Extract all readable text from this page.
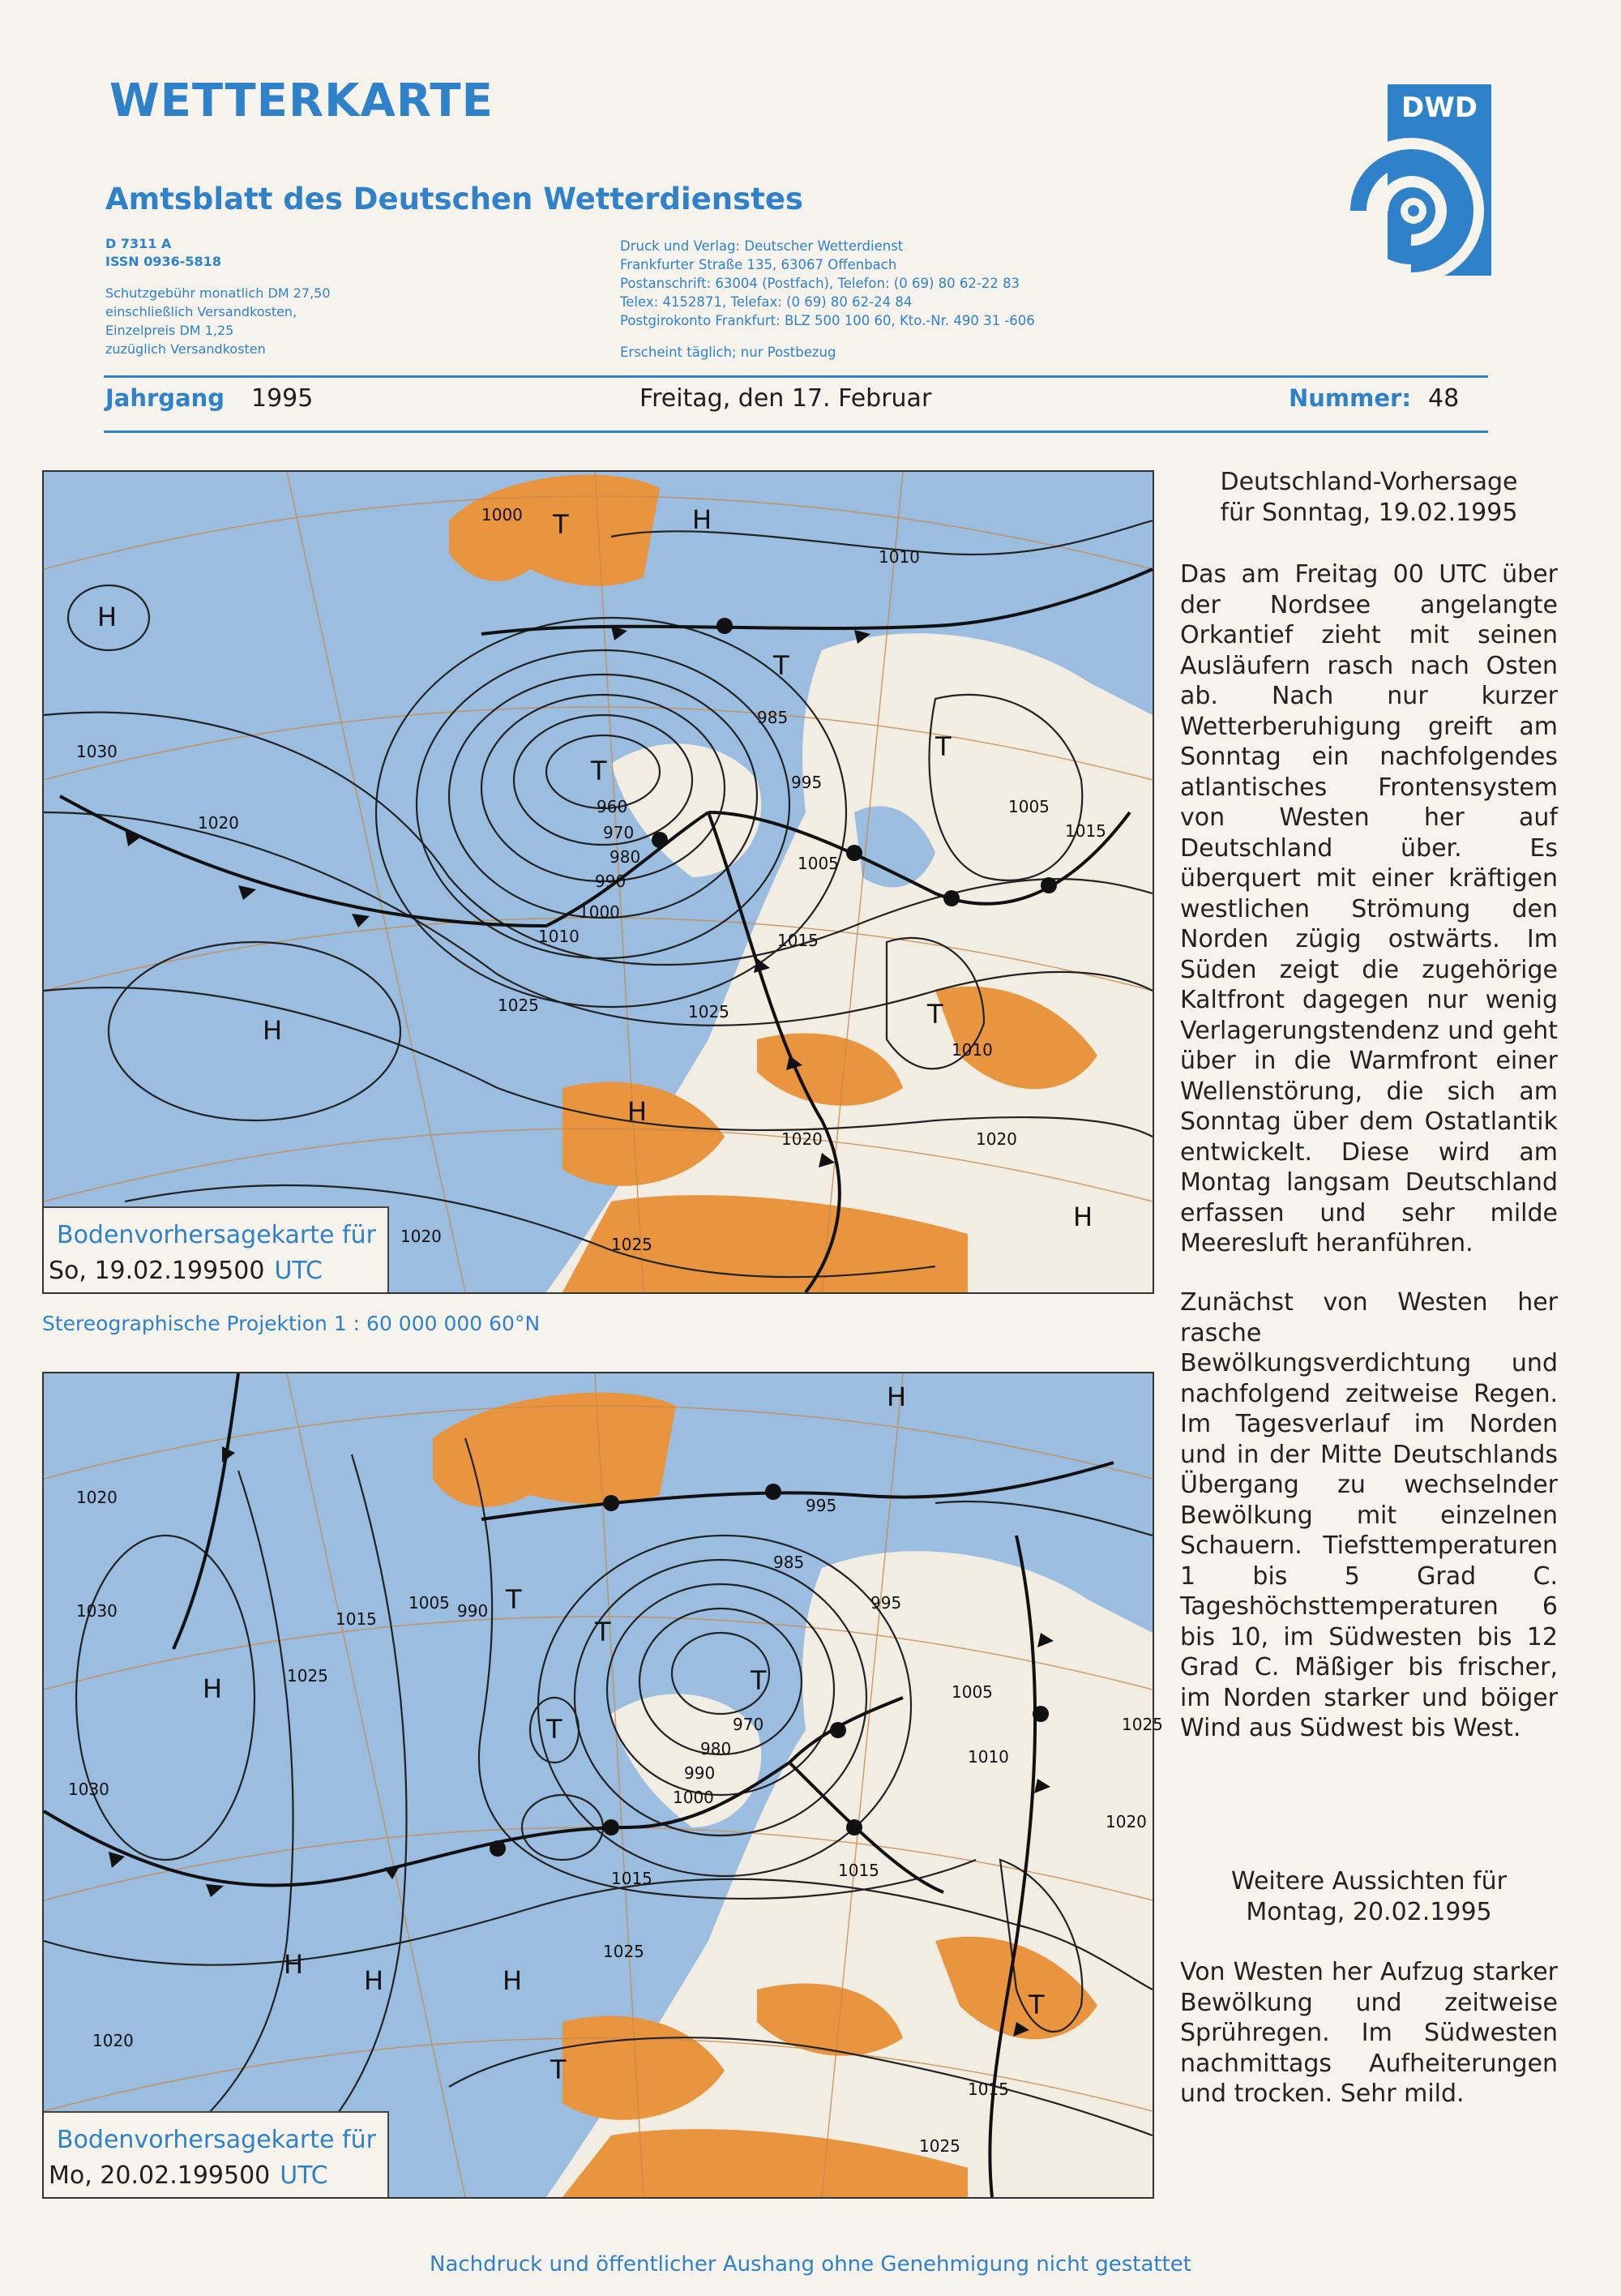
WETTERKARTE
Amtsblatt des Deutschen Wetterdienstes
D 7311 A
ISSN 0936-5818
Schutzgebühr monatlich DM 27,50
einschließlich Versandkosten,
Einzelpreis DM 1,25
zuzüglich Versandkosten
Druck und Verlag: Deutscher Wetterdienst
Frankfurter Straße 135, 63067 Offenbach
Postanschrift: 63004 (Postfach), Telefon: (0 69) 80 62-22 83
Telex: 4152871, Telefax: (0 69) 80 62-24 84
Postgirokonto Frankfurt: BLZ 500 100 60, Kto.-Nr. 490 31 -606
Erscheint täglich; nur Postbezug
DWD
Jahrgang 1995	Freitag, den 17. Februar	Nummer: 48
H
H
T
T
T
H
T
H
H
T
1030
1020
1000
1010
985
995
960
970
980
990
1000
1010
1005
1015
1025	1025
1020	1020
1020	1025
1015
1010
1005
Bodenvorhersagekarte für
So, 19.02.199500 UTC
Stereographische Projektion 1 : 60 000 000 60°N
H
H
T
T
T
T
H
H	H
T
T
1020
1030
1025
1015
1005 990
995
985
995
970
980
990
1000
1030
1015	1015
1025
1020
1005
1010
1025
1020
1015
1025
Bodenvorhersagekarte für
Mo, 20.02.199500 UTC
Deutschland-Vorhersage
für Sonntag, 19.02.1995
Das am Freitag 00 UTC über der Nordsee angelangte Orkantief zieht mit seinen Ausläufern rasch nach Osten ab. Nach nur kurzer Wetterberuhigung greift am Sonntag ein nachfolgendes atlantisches Frontensystem von Westen her auf Deutschland über. Es überquert mit einer kräftigen westlichen Strömung den Norden zügig ostwärts. Im Süden zeigt die zugehörige Kaltfront dagegen nur wenig Verlagerungstendenz und geht über in die Warmfront einer Wellenstörung, die sich am Sonntag über dem Ostatlantik entwickelt. Diese wird am Montag langsam Deutschland erfassen und sehr milde Meeresluft heranführen.
Zunächst von Westen her rasche Bewölkungsverdichtung und nachfolgend zeitweise Regen. Im Tagesverlauf im Norden und in der Mitte Deutschlands Übergang zu wechselnder Bewölkung mit einzelnen Schauern. Tiefsttemperaturen 1 bis 5 Grad C. Tageshöchsttemperaturen 6 bis 10, im Südwesten bis 12 Grad C. Mäßiger bis frischer, im Norden starker und böiger Wind aus Südwest bis West.
Weitere Aussichten für
Montag, 20.02.1995
Von Westen her Aufzug starker Bewölkung und zeitweise Sprühregen. Im Südwesten nachmittags Aufheiterungen und trocken. Sehr mild.
Nachdruck und öffentlicher Aushang ohne Genehmigung nicht gestattet
